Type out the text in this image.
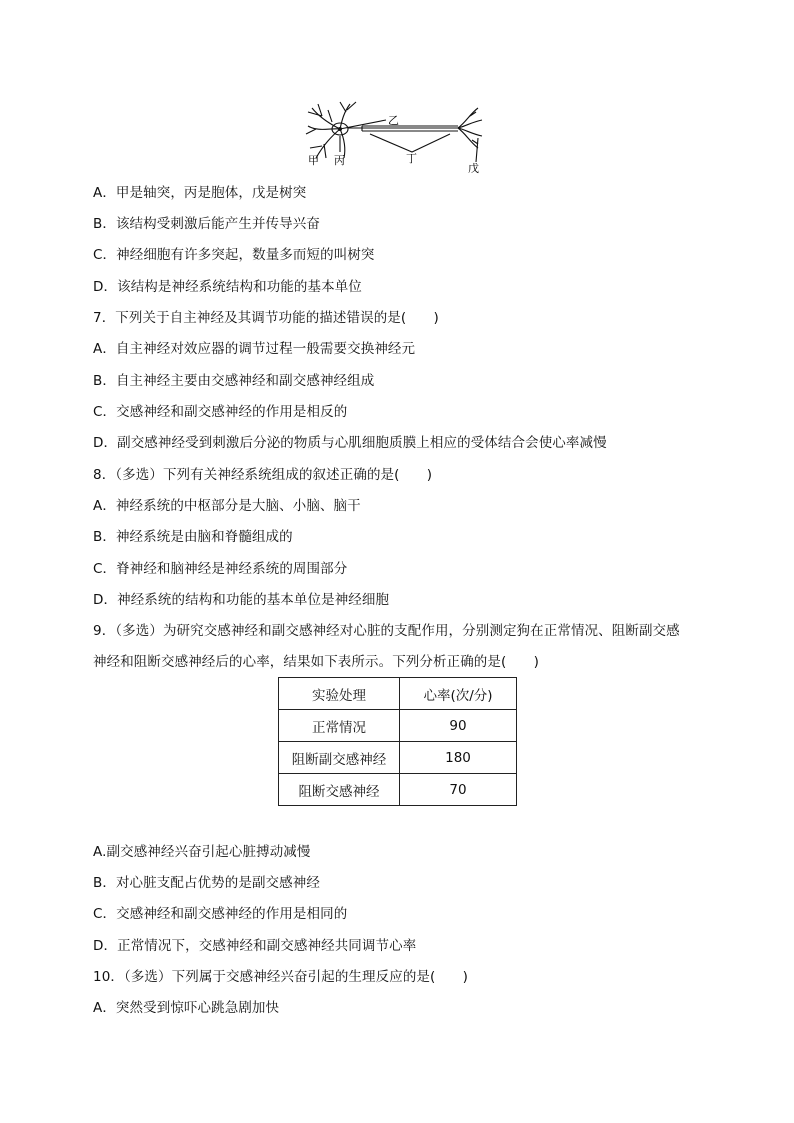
乙
甲 丙	丁
戊
A．甲是轴突，丙是胞体，戊是树突
B．该结构受刺激后能产生并传导兴奋
C．神经细胞有许多突起，数量多而短的叫树突
D．该结构是神经系统结构和功能的基本单位
7．下列关于自主神经及其调节功能的描述错误的是(　　)
A．自主神经对效应器的调节过程一般需要交换神经元
B．自主神经主要由交感神经和副交感神经组成
C．交感神经和副交感神经的作用是相反的
D．副交感神经受到刺激后分泌的物质与心肌细胞质膜上相应的受体结合会使心率减慢
8．（多选）下列有关神经系统组成的叙述正确的是(　　)
A．神经系统的中枢部分是大脑、小脑、脑干
B．神经系统是由脑和脊髓组成的
C．脊神经和脑神经是神经系统的周围部分
D．神经系统的结构和功能的基本单位是神经细胞
9．（多选）为研究交感神经和副交感神经对心脏的支配作用，分别测定狗在正常情况、阻断副交感
神经和阻断交感神经后的心率，结果如下表所示。下列分析正确的是(　　)
实验处理	心率(次/分)
正常情况	90
阻断副交感神经	180
阻断交感神经	70
A.副交感神经兴奋引起心脏搏动减慢
B．对心脏支配占优势的是副交感神经
C．交感神经和副交感神经的作用是相同的
D．正常情况下，交感神经和副交感神经共同调节心率
10．（多选）下列属于交感神经兴奋引起的生理反应的是(　　)
A．突然受到惊吓心跳急剧加快
